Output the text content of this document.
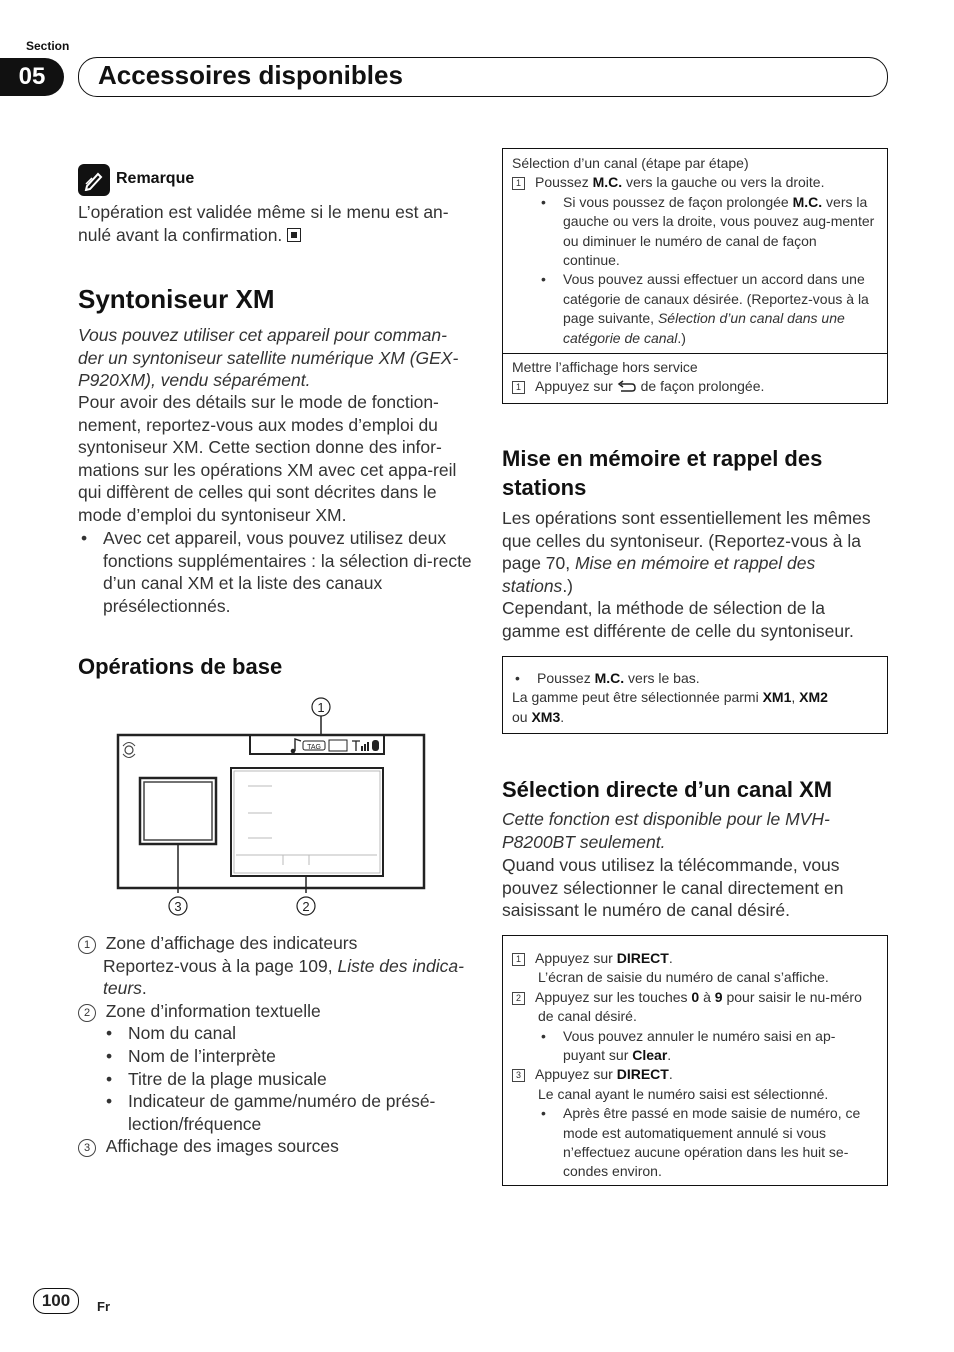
Section
05	Accessoires disponibles
Remarque
L’opération est validée même si le menu est an-nulé avant la confirmation.
Syntoniseur XM
Vous pouvez utiliser cet appareil pour comman-der un syntoniseur satellite numérique XM (GEX-P920XM), vendu séparément.
Pour avoir des détails sur le mode de fonction-nement, reportez-vous aux modes d’emploi du syntoniseur XM. Cette section donne des infor-mations sur les opérations XM avec cet appa-reil qui diffèrent de celles qui sont décrites dans le mode d’emploi du syntoniseur XM.
• Avec cet appareil, vous pouvez utilisez deux fonctions supplémentaires : la sélection di-recte d’un canal XM et la liste des canaux présélectionnés.
Opérations de base
TAG
1
3	2
1 Zone d’affichage des indicateurs
Reportez-vous à la page 109, Liste des indica-teurs.
2 Zone d’information textuelle
• Nom du canal
• Nom de l’interprète
• Titre de la plage musicale
• Indicateur de gamme/numéro de présé-lection/fréquence
3 Affichage des images sources
Sélection d’un canal (étape par étape)
1 Poussez M.C. vers la gauche ou vers la droite.
• Si vous poussez de façon prolongée M.C. vers la gauche ou vers la droite, vous pouvez aug-menter ou diminuer le numéro de canal de façon continue.
• Vous pouvez aussi effectuer un accord dans une catégorie de canaux désirée. (Reportez-vous à la page suivante, Sélection d’un canal dans une catégorie de canal.)
Mettre l’affichage hors service
1 Appuyez sur  de façon prolongée.
Mise en mémoire et rappel des stations
Les opérations sont essentiellement les mêmes que celles du syntoniseur. (Reportez-vous à la page 70, Mise en mémoire et rappel des stations.)
Cependant, la méthode de sélection de la gamme est différente de celle du syntoniseur.
• Poussez M.C. vers le bas.
La gamme peut être sélectionnée parmi XM1, XM2
ou XM3.
Sélection directe d’un canal XM
Cette fonction est disponible pour le MVH-P8200BT seulement.
Quand vous utilisez la télécommande, vous pouvez sélectionner le canal directement en saisissant le numéro de canal désiré.
1 Appuyez sur DIRECT.
L’écran de saisie du numéro de canal s’affiche.
2 Appuyez sur les touches 0 à 9 pour saisir le nu-méro de canal désiré.
• Vous pouvez annuler le numéro saisi en ap-puyant sur Clear.
3 Appuyez sur DIRECT.
Le canal ayant le numéro saisi est sélectionné.
• Après être passé en mode saisie de numéro, ce mode est automatiquement annulé si vous n’effectuez aucune opération dans les huit se-condes environ.
100	Fr
